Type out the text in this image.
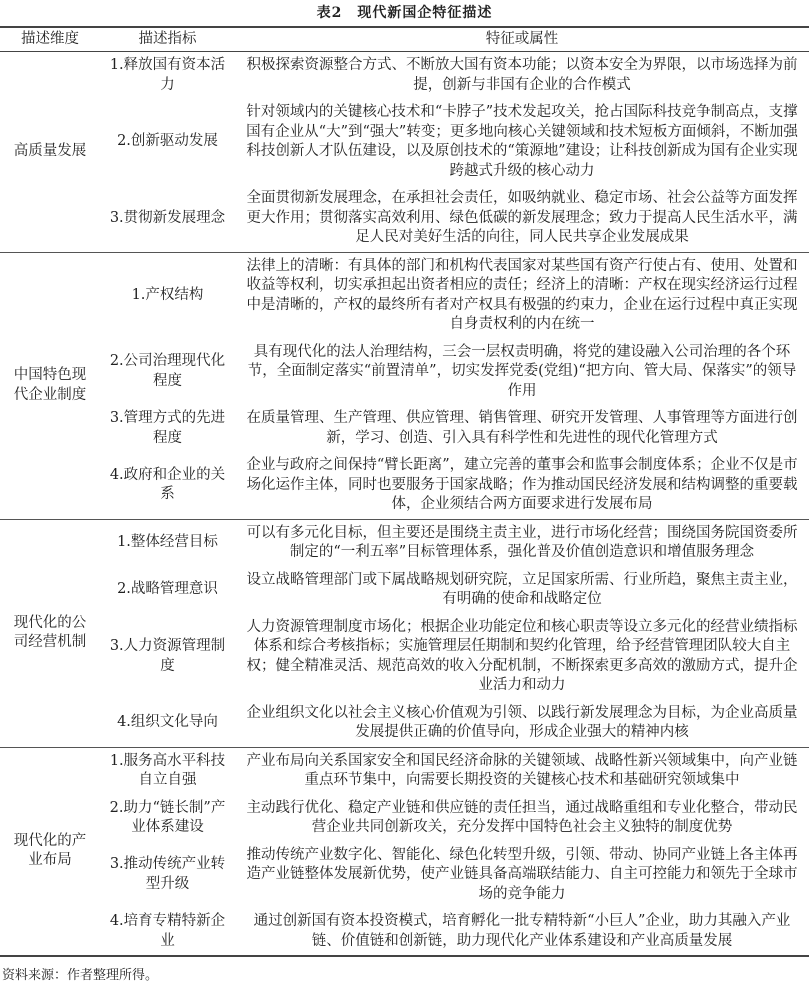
表2　现代新国企特征描述
描述维度	描述指标	特征或属性
高质量发展	1.释放国有资本活力	积极探索资源整合方式、不断放大国有资本功能；以资本安全为界限，以市场选择为前提，创新与非国有企业的合作模式
	2.创新驱动发展	针对领域内的关键核心技术和“卡脖子”技术发起攻关，抢占国际科技竞争制高点，支撑国有企业从“大”到“强大”转变；更多地向核心关键领域和技术短板方面倾斜，不断加强科技创新人才队伍建设，以及原创技术的“策源地”建设；让科技创新成为国有企业实现跨越式升级的核心动力
	3.贯彻新发展理念	全面贯彻新发展理念，在承担社会责任，如吸纳就业、稳定市场、社会公益等方面发挥更大作用；贯彻落实高效利用、绿色低碳的新发展理念；致力于提高人民生活水平，满足人民对美好生活的向往，同人民共享企业发展成果
中国特色现代企业制度	1.产权结构	法律上的清晰：有具体的部门和机构代表国家对某些国有资产行使占有、使用、处置和收益等权利，切实承担起出资者相应的责任；经济上的清晰：产权在现实经济运行过程中是清晰的，产权的最终所有者对产权具有极强的约束力，企业在运行过程中真正实现自身责权利的内在统一
	2.公司治理现代化程度	具有现代化的法人治理结构，三会一层权责明确，将党的建设融入公司治理的各个环节，全面制定落实“前置清单”，切实发挥党委(党组)“把方向、管大局、保落实”的领导作用
	3.管理方式的先进程度	在质量管理、生产管理、供应管理、销售管理、研究开发管理、人事管理等方面进行创新，学习、创造、引入具有科学性和先进性的现代化管理方式
	4.政府和企业的关系	企业与政府之间保持“臂长距离”，建立完善的董事会和监事会制度体系；企业不仅是市场化运作主体，同时也要服务于国家战略；作为推动国民经济发展和结构调整的重要载体，企业须结合两方面要求进行发展布局
现代化的公司经营机制	1.整体经营目标	可以有多元化目标，但主要还是围绕主责主业，进行市场化经营；围绕国务院国资委所制定的“一利五率”目标管理体系，强化普及价值创造意识和增值服务理念
	2.战略管理意识	设立战略管理部门或下属战略规划研究院，立足国家所需、行业所趋，聚焦主责主业，有明确的使命和战略定位
	3.人力资源管理制度	人力资源管理制度市场化；根据企业功能定位和核心职责等设立多元化的经营业绩指标体系和综合考核指标；实施管理层任期制和契约化管理，给予经营管理团队较大自主权；健全精准灵活、规范高效的收入分配机制，不断探索更多高效的激励方式，提升企业活力和动力
	4.组织文化导向	企业组织文化以社会主义核心价值观为引领、以践行新发展理念为目标，为企业高质量发展提供正确的价值导向，形成企业强大的精神内核
现代化的产业布局	1.服务高水平科技自立自强	产业布局向关系国家安全和国民经济命脉的关键领域、战略性新兴领域集中，向产业链重点环节集中，向需要长期投资的关键核心技术和基础研究领域集中
	2.助力“链长制”产业体系建设	主动践行优化、稳定产业链和供应链的责任担当，通过战略重组和专业化整合，带动民营企业共同创新攻关，充分发挥中国特色社会主义独特的制度优势
	3.推动传统产业转型升级	推动传统产业数字化、智能化、绿色化转型升级，引领、带动、协同产业链上各主体再造产业链整体发展新优势，使产业链具备高端联结能力、自主可控能力和领先于全球市场的竞争能力
	4.培育专精特新企业	通过创新国有资本投资模式，培育孵化一批专精特新“小巨人”企业，助力其融入产业链、价值链和创新链，助力现代化产业体系建设和产业高质量发展
资料来源：作者整理所得。
